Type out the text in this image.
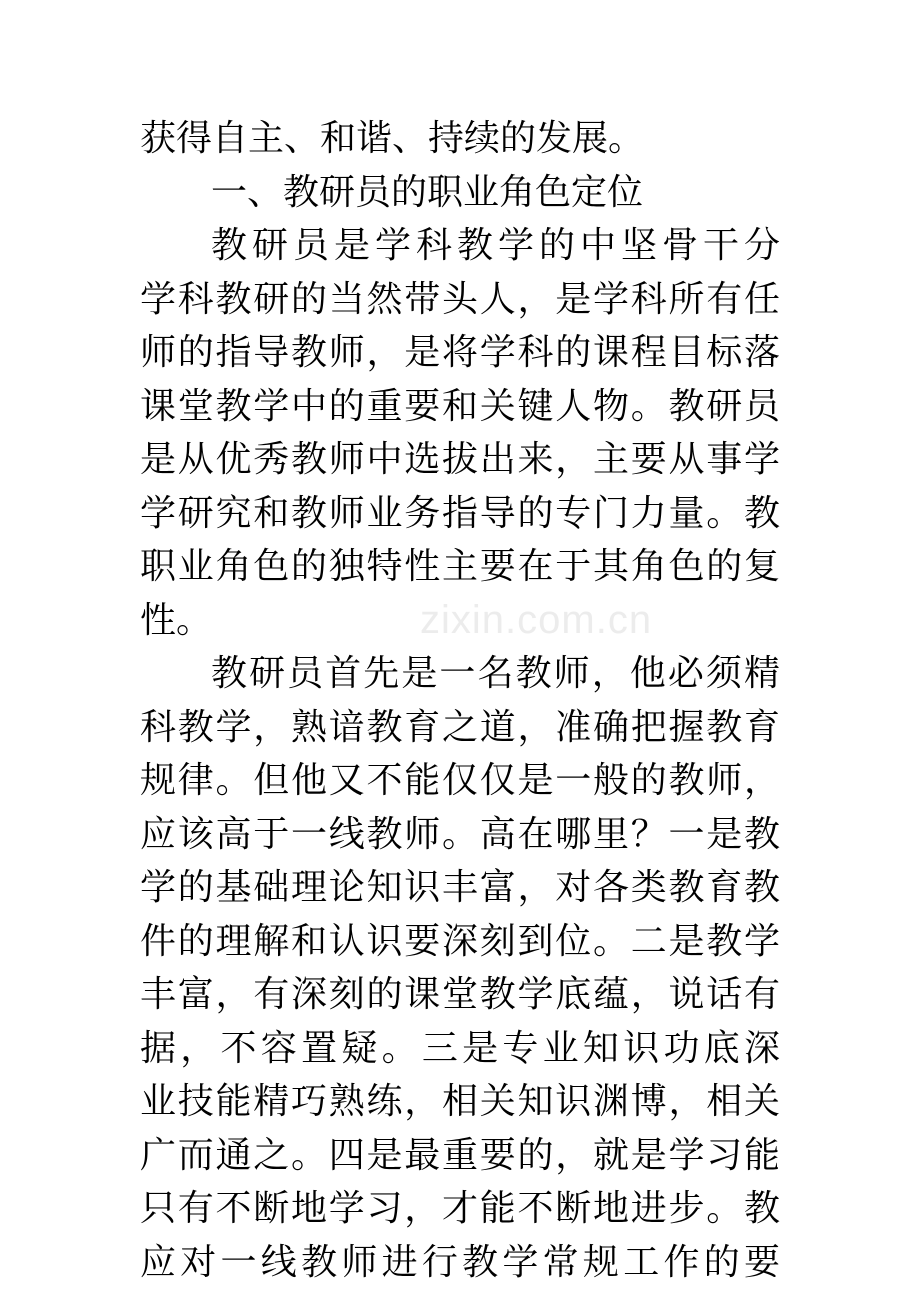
获得自主、和谐、持续的发展。
一、教研员的职业角色定位
教研员是学科教学的中坚骨干分
学科教研的当然带头人，是学科所有任
师的指导教师，是将学科的课程目标落
课堂教学中的重要和关键人物。教研员
是从优秀教师中选拔出来，主要从事学
学研究和教师业务指导的专门力量。教
职业角色的独特性主要在于其角色的复
性。
教研员首先是一名教师，他必须精
科教学，熟谙教育之道，准确把握教育
规律。但他又不能仅仅是一般的教师，
应该高于一线教师。高在哪里？一是教
学的基础理论知识丰富，对各类教育教
件的理解和认识要深刻到位。二是教学
丰富，有深刻的课堂教学底蕴，说话有
据，不容置疑。三是专业知识功底深
业技能精巧熟练，相关知识渊博，相关
广而通之。四是最重要的，就是学习能
只有不断地学习，才能不断地进步。教
应对一线教师进行教学常规工作的要
zixin.com.cn
